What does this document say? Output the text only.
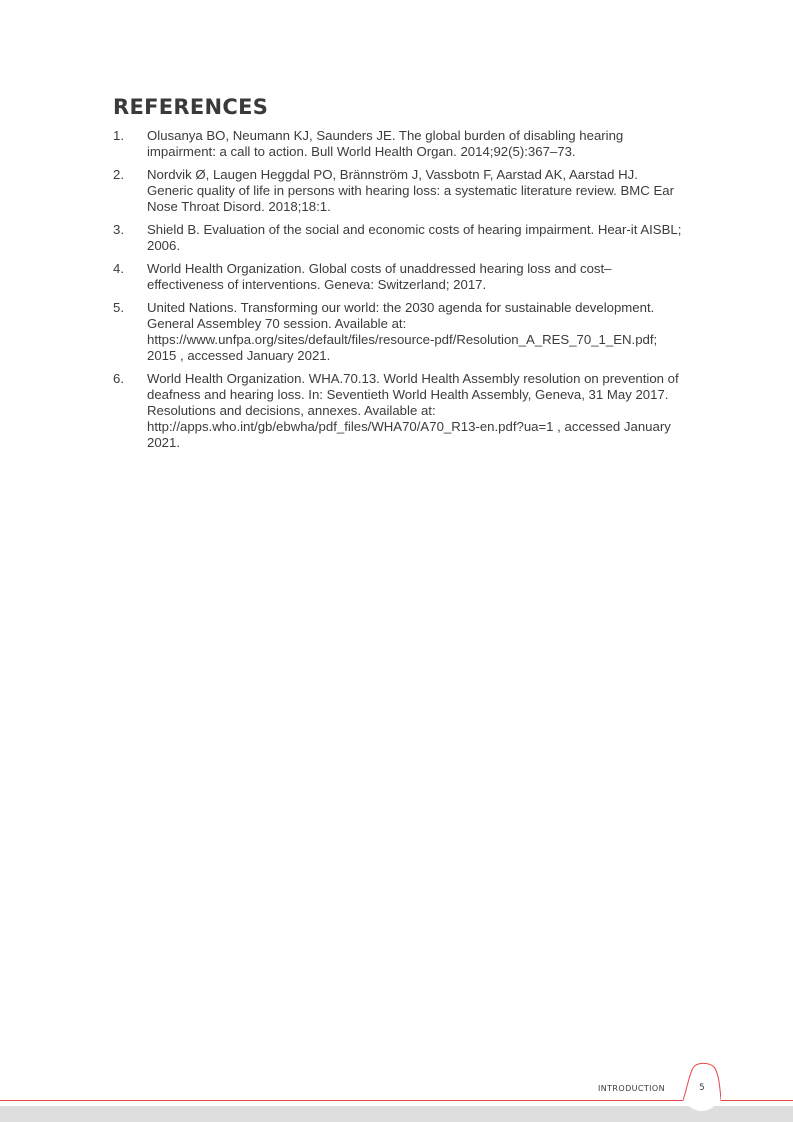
REFERENCES
1. Olusanya BO, Neumann KJ, Saunders JE. The global burden of disabling hearing impairment: a call to action. Bull World Health Organ. 2014;92(5):367–73.
2. Nordvik Ø, Laugen Heggdal PO, Brännström J, Vassbotn F, Aarstad AK, Aarstad HJ. Generic quality of life in persons with hearing loss: a systematic literature review. BMC Ear Nose Throat Disord. 2018;18:1.
3. Shield B. Evaluation of the social and economic costs of hearing impairment. Hear-it AISBL; 2006.
4. World Health Organization. Global costs of unaddressed hearing loss and cost–effectiveness of interventions. Geneva: Switzerland; 2017.
5. United Nations. Transforming our world: the 2030 agenda for sustainable development. General Assembley 70 session. Available at: https://www.unfpa.org/sites/default/files/resource-pdf/Resolution_A_RES_70_1_EN.pdf; 2015 , accessed January 2021.
6. World Health Organization. WHA.70.13. World Health Assembly resolution on prevention of deafness and hearing loss. In: Seventieth World Health Assembly, Geneva, 31 May 2017. Resolutions and decisions, annexes. Available at: http://apps.who.int/gb/ebwha/pdf_files/WHA70/A70_R13-en.pdf?ua=1 , accessed January 2021.
INTRODUCTION	5
